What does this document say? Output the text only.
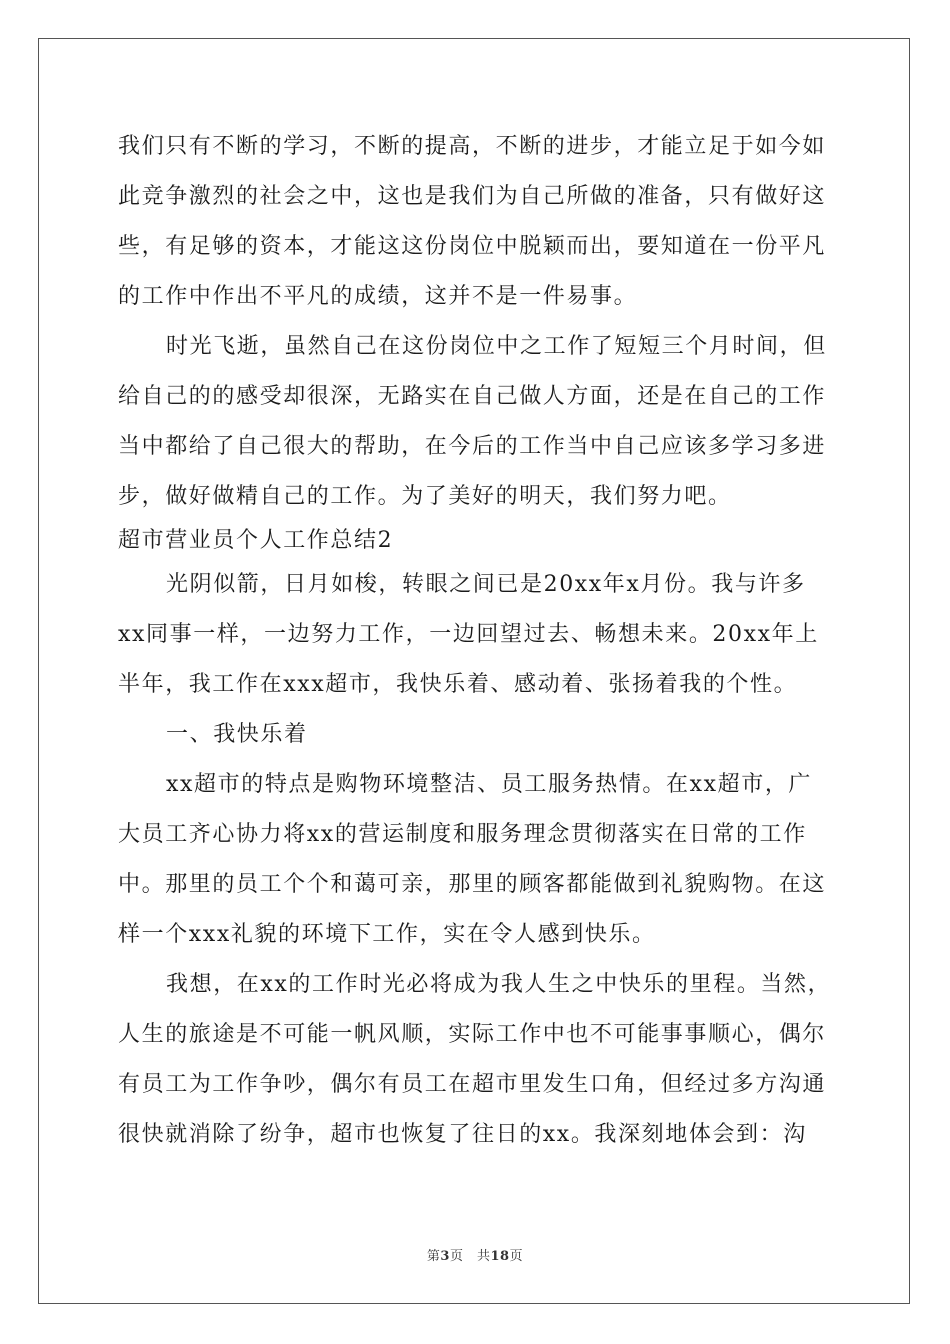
我们只有不断的学习，不断的提高，不断的进步，才能立足于如今如
此竞争激烈的社会之中，这也是我们为自己所做的准备，只有做好这
些，有足够的资本，才能这这份岗位中脱颖而出，要知道在一份平凡
的工作中作出不平凡的成绩，这并不是一件易事。
时光飞逝，虽然自己在这份岗位中之工作了短短三个月时间，但
给自己的的感受却很深，无路实在自己做人方面，还是在自己的工作
当中都给了自己很大的帮助，在今后的工作当中自己应该多学习多进
步，做好做精自己的工作。为了美好的明天，我们努力吧。
超市营业员个人工作总结2
光阴似箭，日月如梭，转眼之间已是20xx年x月份。我与许多
xx同事一样，一边努力工作，一边回望过去、畅想未来。20xx年上
半年，我工作在xxx超市，我快乐着、感动着、张扬着我的个性。
一、我快乐着
xx超市的特点是购物环境整洁、员工服务热情。在xx超市，广
大员工齐心协力将xx的营运制度和服务理念贯彻落实在日常的工作
中。那里的员工个个和蔼可亲，那里的顾客都能做到礼貌购物。在这
样一个xxx礼貌的环境下工作，实在令人感到快乐。
我想，在xx的工作时光必将成为我人生之中快乐的里程。当然，
人生的旅途是不可能一帆风顺，实际工作中也不可能事事顺心，偶尔
有员工为工作争吵，偶尔有员工在超市里发生口角，但经过多方沟通
很快就消除了纷争，超市也恢复了往日的xx。我深刻地体会到：沟
第3页　共18页
